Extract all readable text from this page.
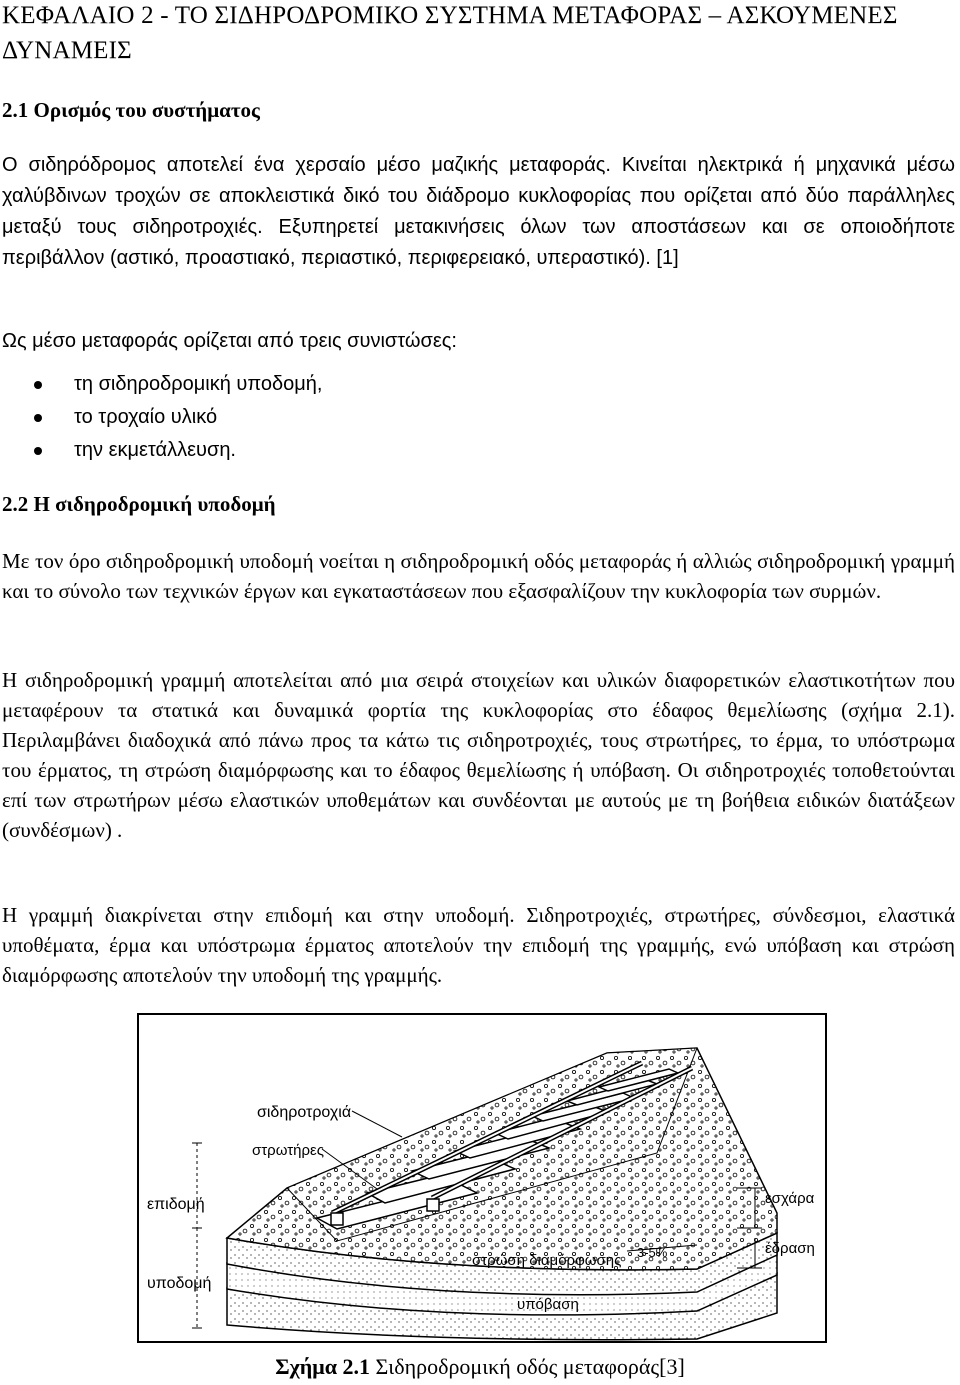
ΚΕΦΑΛΑΙΟ 2 - ΤΟ ΣΙΔΗΡΟΔΡΟΜΙΚΟ ΣΥΣΤΗΜΑ ΜΕΤΑΦΟΡΑΣ – ΑΣΚΟΥΜΕΝΕΣ ΔΥΝΑΜΕΙΣ
2.1 Ορισμός του συστήματος

Ο σιδηρόδρομος αποτελεί ένα χερσαίο μέσο μαζικής μεταφοράς. Κινείται ηλεκτρικά ή μηχανικά μέσω χαλύβδινων τροχών σε αποκλειστικά δικό του διάδρομο κυκλοφορίας που ορίζεται από δύο παράλληλες μεταξύ τους σιδηροτροχιές. Εξυπηρετεί μετακινήσεις όλων των αποστάσεων και σε οποιοδήποτε περιβάλλον (αστικό, προαστιακό, περιαστικό, περιφερειακό, υπεραστικό). [1]

Ως μέσο μεταφοράς ορίζεται από τρεις συνιστώσες:

τη σιδηροδρομική υποδομή,
το τροχαίο υλικό
την εκμετάλλευση.
2.2 Η σιδηροδρομική υποδομή

Με τον όρο σιδηροδρομική υποδομή νοείται η σιδηροδρομική οδός μεταφοράς ή αλλιώς σιδηροδρομική γραμμή και το σύνολο των τεχνικών έργων και εγκαταστάσεων που εξασφαλίζουν την κυκλοφορία των συρμών.

Η σιδηροδρομική γραμμή αποτελείται από μια σειρά στοιχείων και υλικών διαφορετικών ελαστικοτήτων που μεταφέρουν τα στατικά και δυναμικά φορτία της κυκλοφορίας στο έδαφος θεμελίωσης (σχήμα 2.1). Περιλαμβάνει διαδοχικά από πάνω προς τα κάτω τις σιδηροτροχιές, τους στρωτήρες, το έρμα, το υπόστρωμα του έρματος, τη στρώση διαμόρφωσης και το έδαφος θεμελίωσης ή υπόβαση. Οι σιδηροτροχιές τοποθετούνται επί των στρωτήρων μέσω ελαστικών υποθεμάτων και συνδέονται με αυτούς με τη βοήθεια ειδικών διατάξεων (συνδέσμων) .

Η γραμμή διακρίνεται στην επιδομή και στην υποδομή. Σιδηροτροχιές, στρωτήρες, σύνδεσμοι, ελαστικά υποθέματα, έρμα και υπόστρωμα έρματος αποτελούν την επιδομή της γραμμής, ενώ υπόβαση και στρώση διαμόρφωσης αποτελούν την υποδομή της γραμμής.

σιδηροτροχιά
στρωτήρες
επιδομή
υποδομή
εσχάρα
έδραση
3-5%
στρώση διαμόρφωσης
υπόβαση

Σχήμα 2.1 Σιδηροδρομική οδός μεταφοράς[3]
